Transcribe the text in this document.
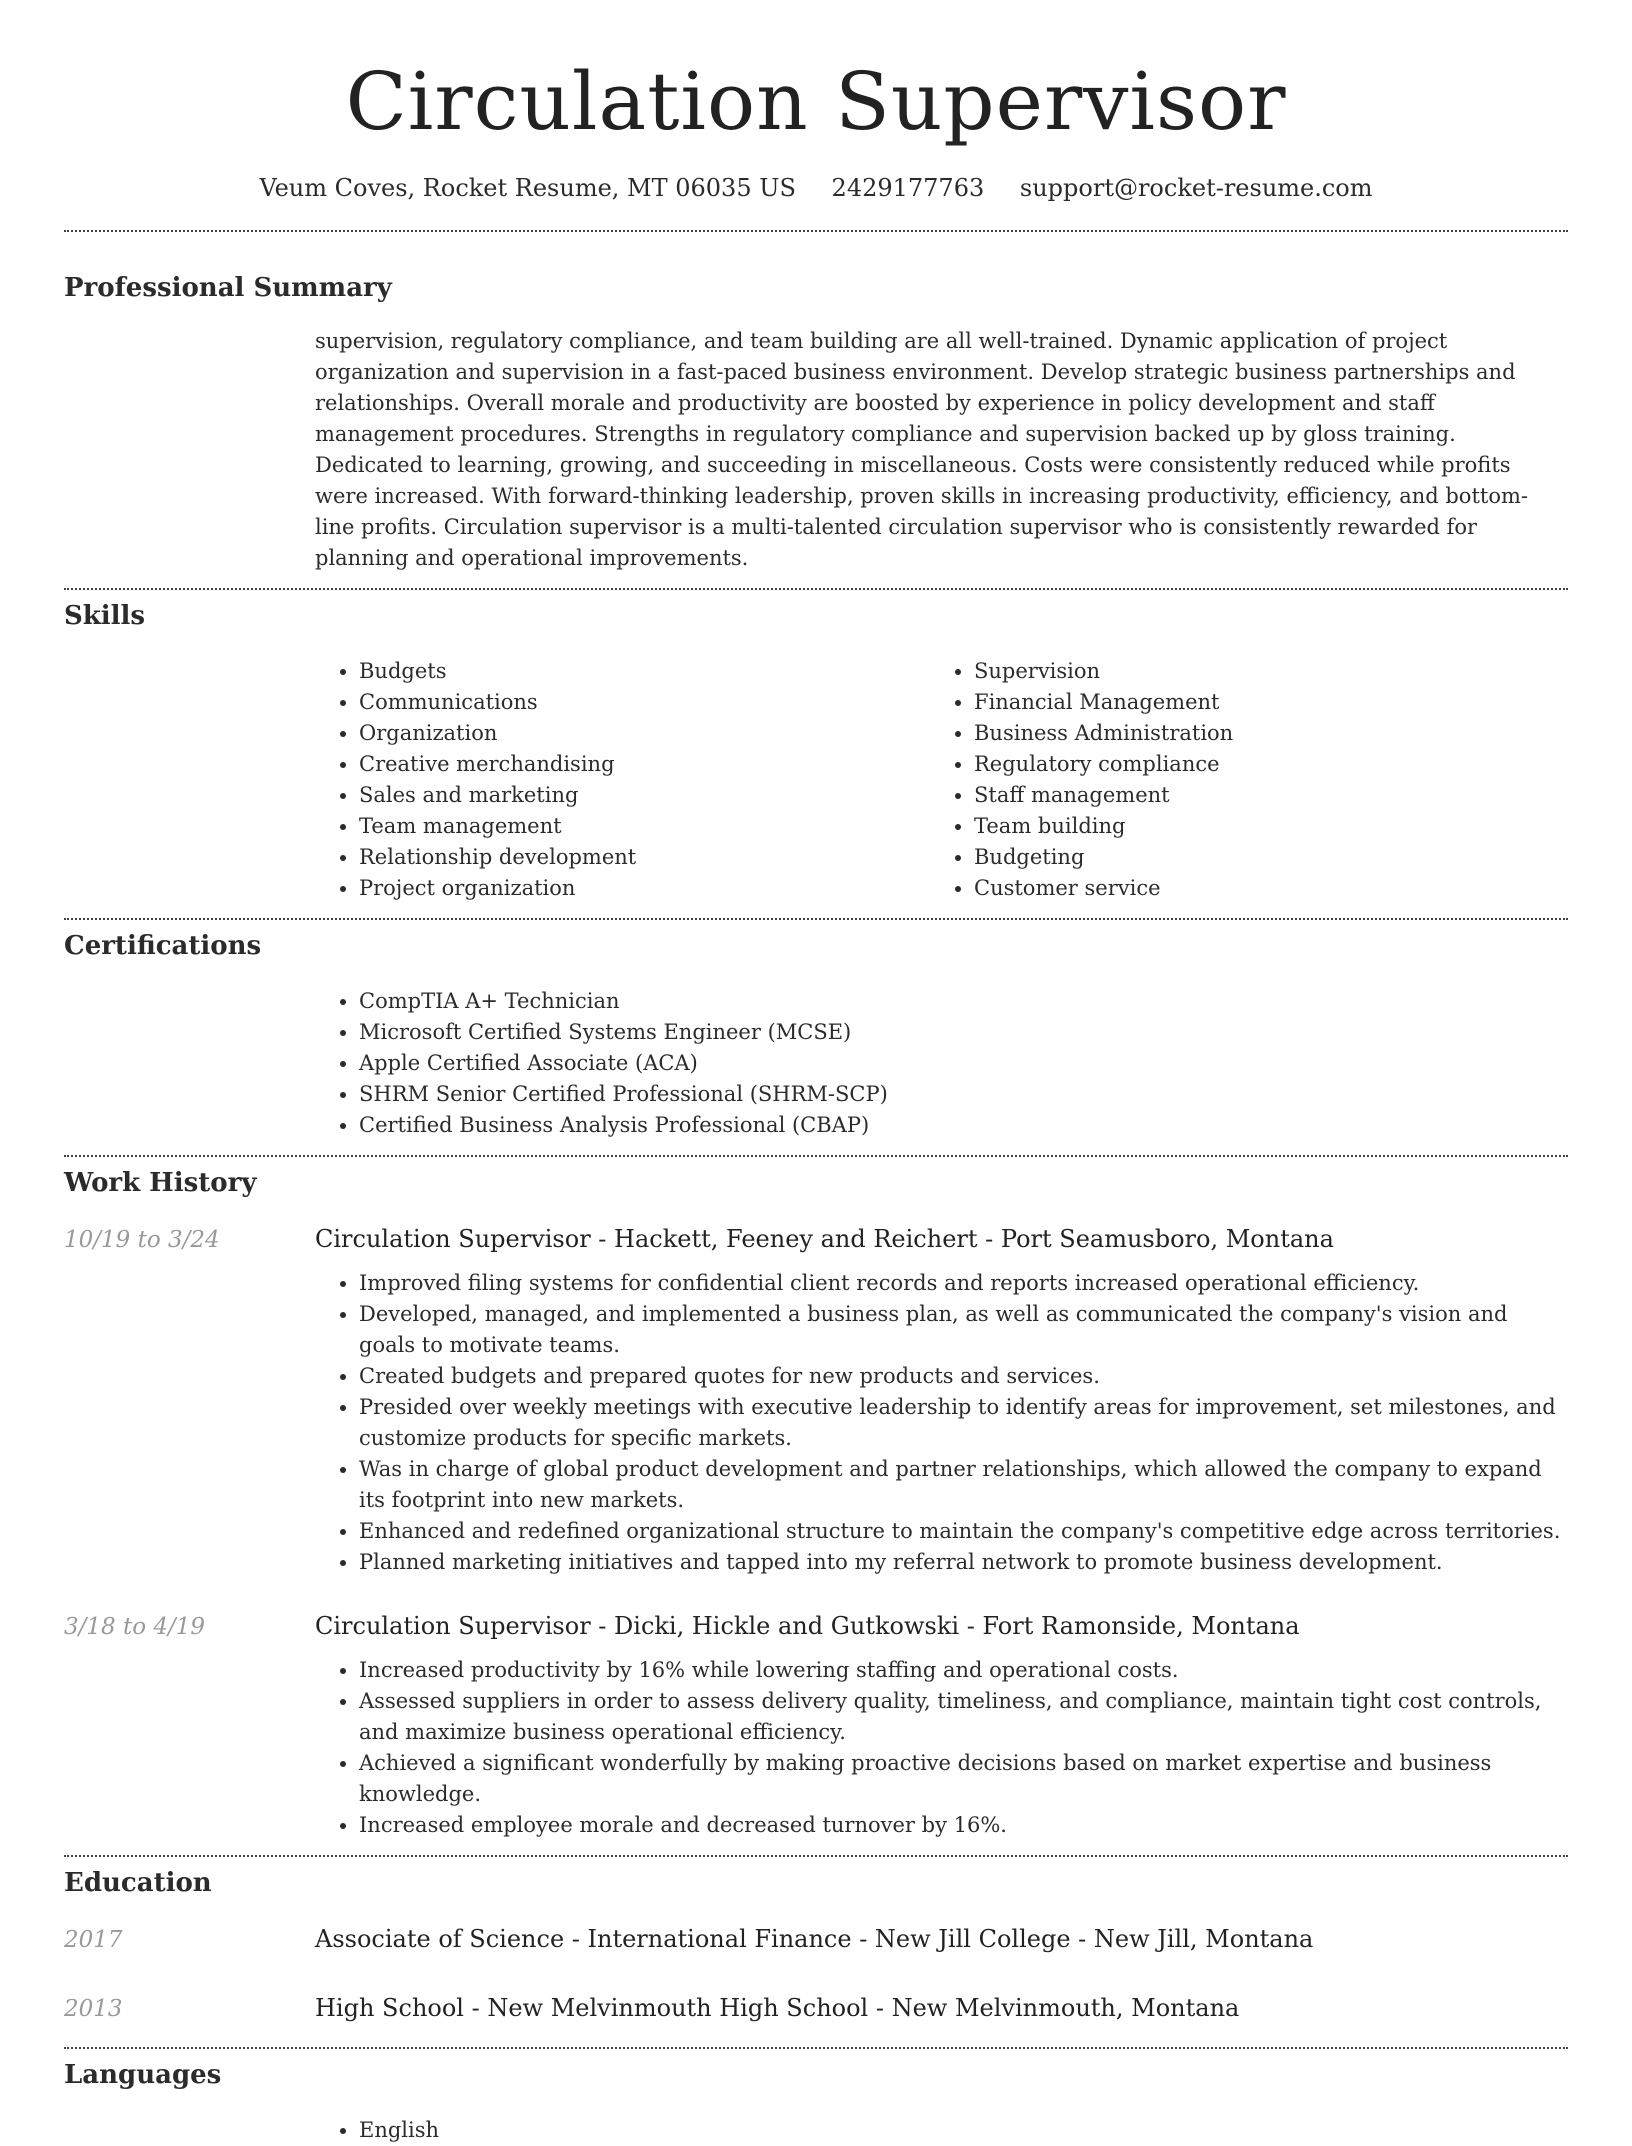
Circulation Supervisor
Veum Coves, Rocket Resume, MT 06035 US 2429177763 support@rocket-resume.com
Professional Summary
supervision, regulatory compliance, and team building are all well-trained. Dynamic application of project organization and supervision in a fast-paced business environment. Develop strategic business partnerships and relationships. Overall morale and productivity are boosted by experience in policy development and staff management procedures. Strengths in regulatory compliance and supervision backed up by gloss training. Dedicated to learning, growing, and succeeding in miscellaneous. Costs were consistently reduced while profits were increased. With forward-thinking leadership, proven skills in increasing productivity, efficiency, and bottom-line profits. Circulation supervisor is a multi-talented circulation supervisor who is consistently rewarded for planning and operational improvements.
Skills
• Budgets
• Communications
• Organization
• Creative merchandising
• Sales and marketing
• Team management
• Relationship development
• Project organization
• Supervision
• Financial Management
• Business Administration
• Regulatory compliance
• Staff management
• Team building
• Budgeting
• Customer service
Certifications
• CompTIA A+ Technician
• Microsoft Certified Systems Engineer (MCSE)
• Apple Certified Associate (ACA)
• SHRM Senior Certified Professional (SHRM-SCP)
• Certified Business Analysis Professional (CBAP)
Work History
10/19 to 3/24	Circulation Supervisor - Hackett, Feeney and Reichert - Port Seamusboro, Montana
• Improved filing systems for confidential client records and reports increased operational efficiency.
• Developed, managed, and implemented a business plan, as well as communicated the company's vision and goals to motivate teams.
• Created budgets and prepared quotes for new products and services.
• Presided over weekly meetings with executive leadership to identify areas for improvement, set milestones, and customize products for specific markets.
• Was in charge of global product development and partner relationships, which allowed the company to expand its footprint into new markets.
• Enhanced and redefined organizational structure to maintain the company's competitive edge across territories.
• Planned marketing initiatives and tapped into my referral network to promote business development.
3/18 to 4/19	Circulation Supervisor - Dicki, Hickle and Gutkowski - Fort Ramonside, Montana
• Increased productivity by 16% while lowering staffing and operational costs.
• Assessed suppliers in order to assess delivery quality, timeliness, and compliance, maintain tight cost controls, and maximize business operational efficiency.
• Achieved a significant wonderfully by making proactive decisions based on market expertise and business knowledge.
• Increased employee morale and decreased turnover by 16%.
Education
2017	Associate of Science - International Finance - New Jill College - New Jill, Montana
2013	High School - New Melvinmouth High School - New Melvinmouth, Montana
Languages
• English
